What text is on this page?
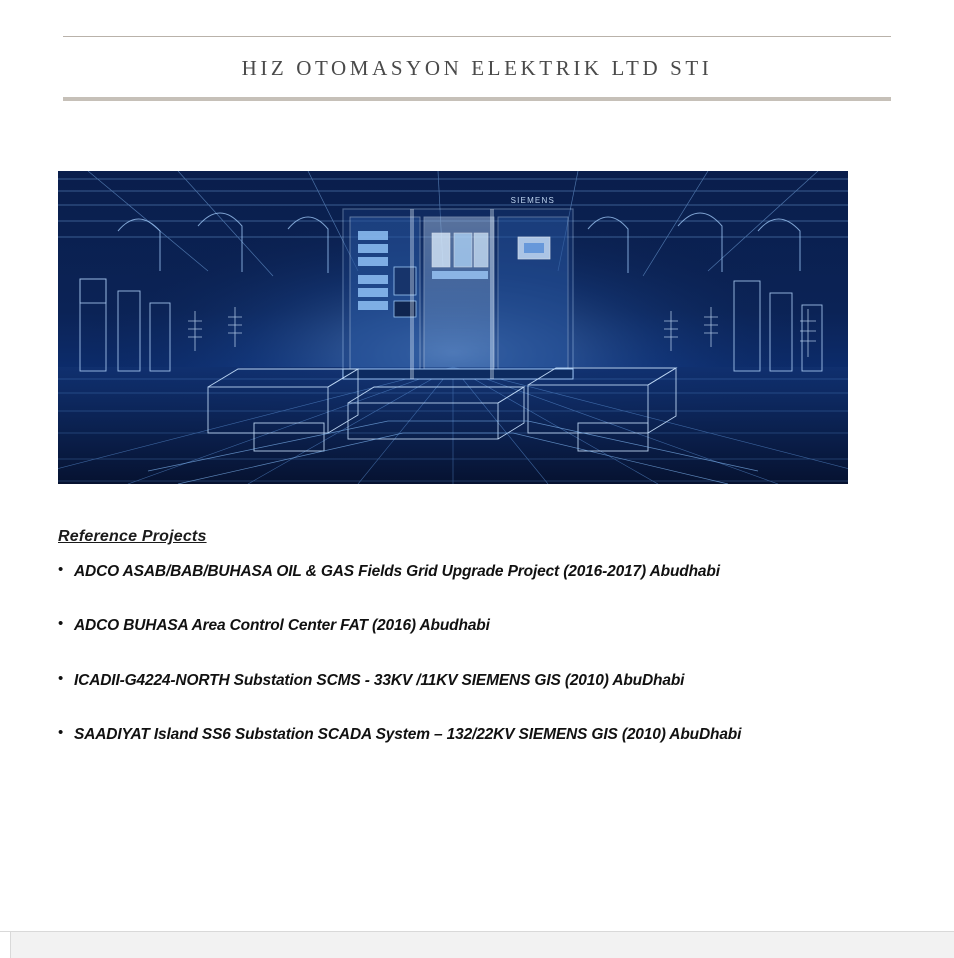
HIZ OTOMASYON ELEKTRIK LTD STI
SIEMENS
Reference Projects
• ADCO ASAB/BAB/BUHASA OIL & GAS Fields Grid Upgrade Project (2016-2017) Abudhabi
• ADCO BUHASA Area Control Center FAT (2016) Abudhabi
• ICADII-G4224-NORTH Substation SCMS - 33KV /11KV SIEMENS GIS (2010) AbuDhabi
• SAADIYAT Island SS6 Substation SCADA System – 132/22KV SIEMENS GIS (2010) AbuDhabi
